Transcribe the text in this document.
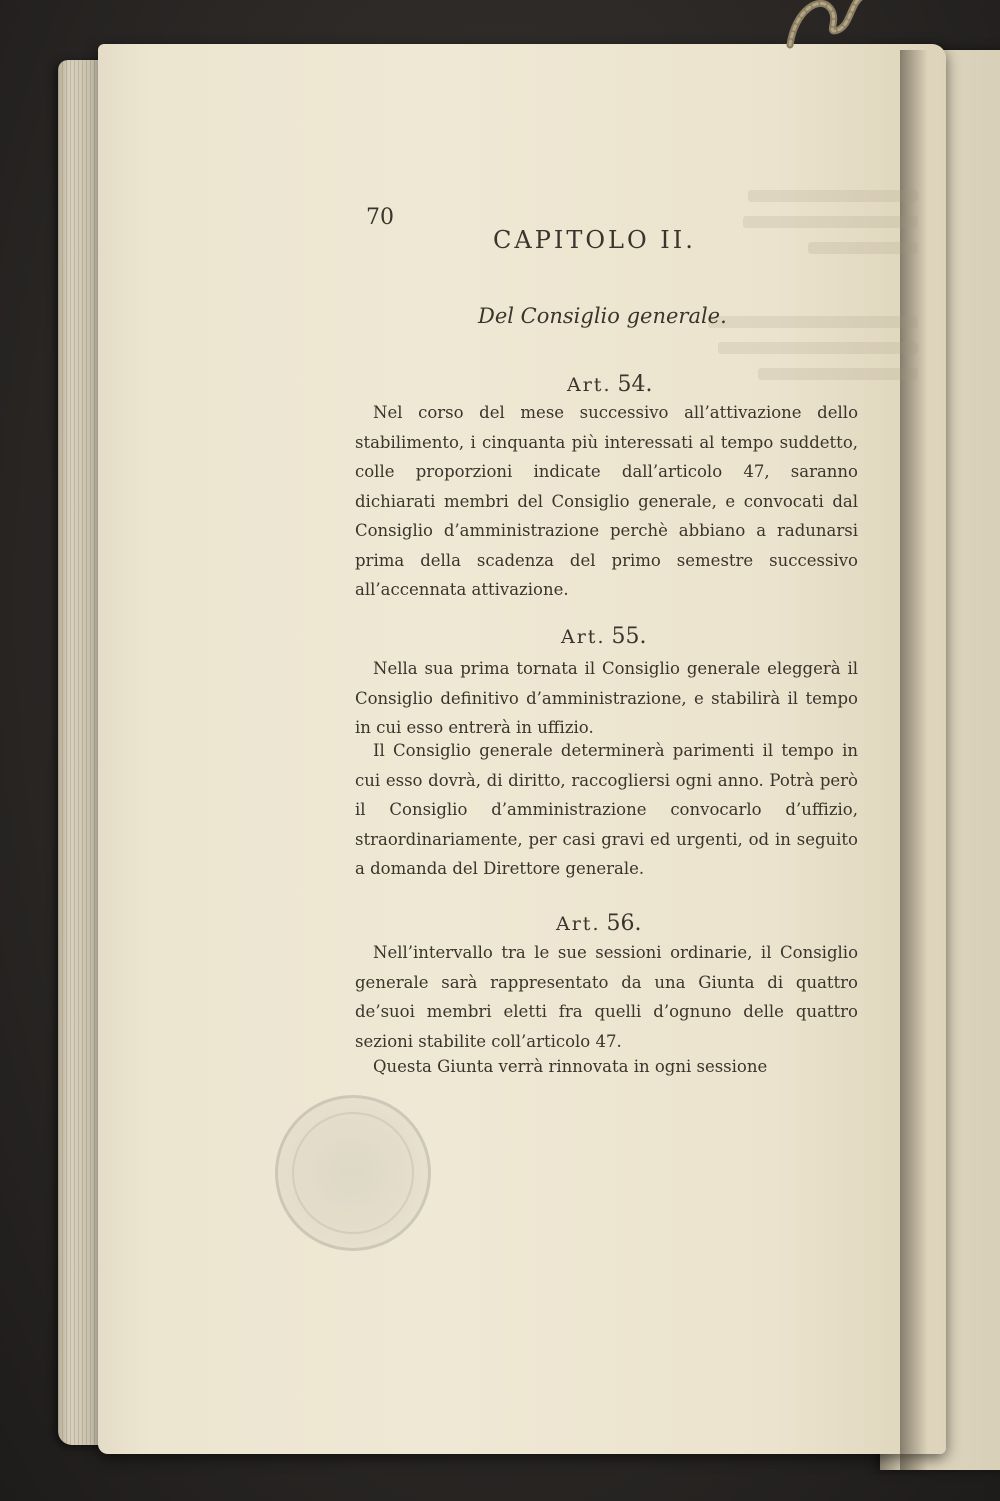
70
CAPITOLO II.
Del Consiglio generale.
Art. 54.
Nel corso del mese successivo all’attivazione dello stabilimento, i cinquanta più interessati al tempo suddetto, colle proporzioni indicate dall’articolo 47, saranno dichiarati membri del Consiglio generale, e convocati dal Consiglio d’amministrazione perchè abbiano a radunarsi prima della scadenza del primo semestre successivo all’accennata attivazione.
Art. 55.
Nella sua prima tornata il Consiglio generale eleggerà il Consiglio definitivo d’amministrazione, e stabilirà il tempo in cui esso entrerà in uffizio.
Il Consiglio generale determinerà parimenti il tempo in cui esso dovrà, di diritto, raccogliersi ogni anno. Potrà però il Consiglio d’amministrazione convocarlo d’uffizio, straordinariamente, per casi gravi ed urgenti, od in seguito a domanda del Direttore generale.
Art. 56.
Nell’intervallo tra le sue sessioni ordinarie, il Consiglio generale sarà rappresentato da una Giunta di quattro de’suoi membri eletti fra quelli d’ognuno delle quattro sezioni stabilite coll’articolo 47.
Questa Giunta verrà rinnovata in ogni sessione
